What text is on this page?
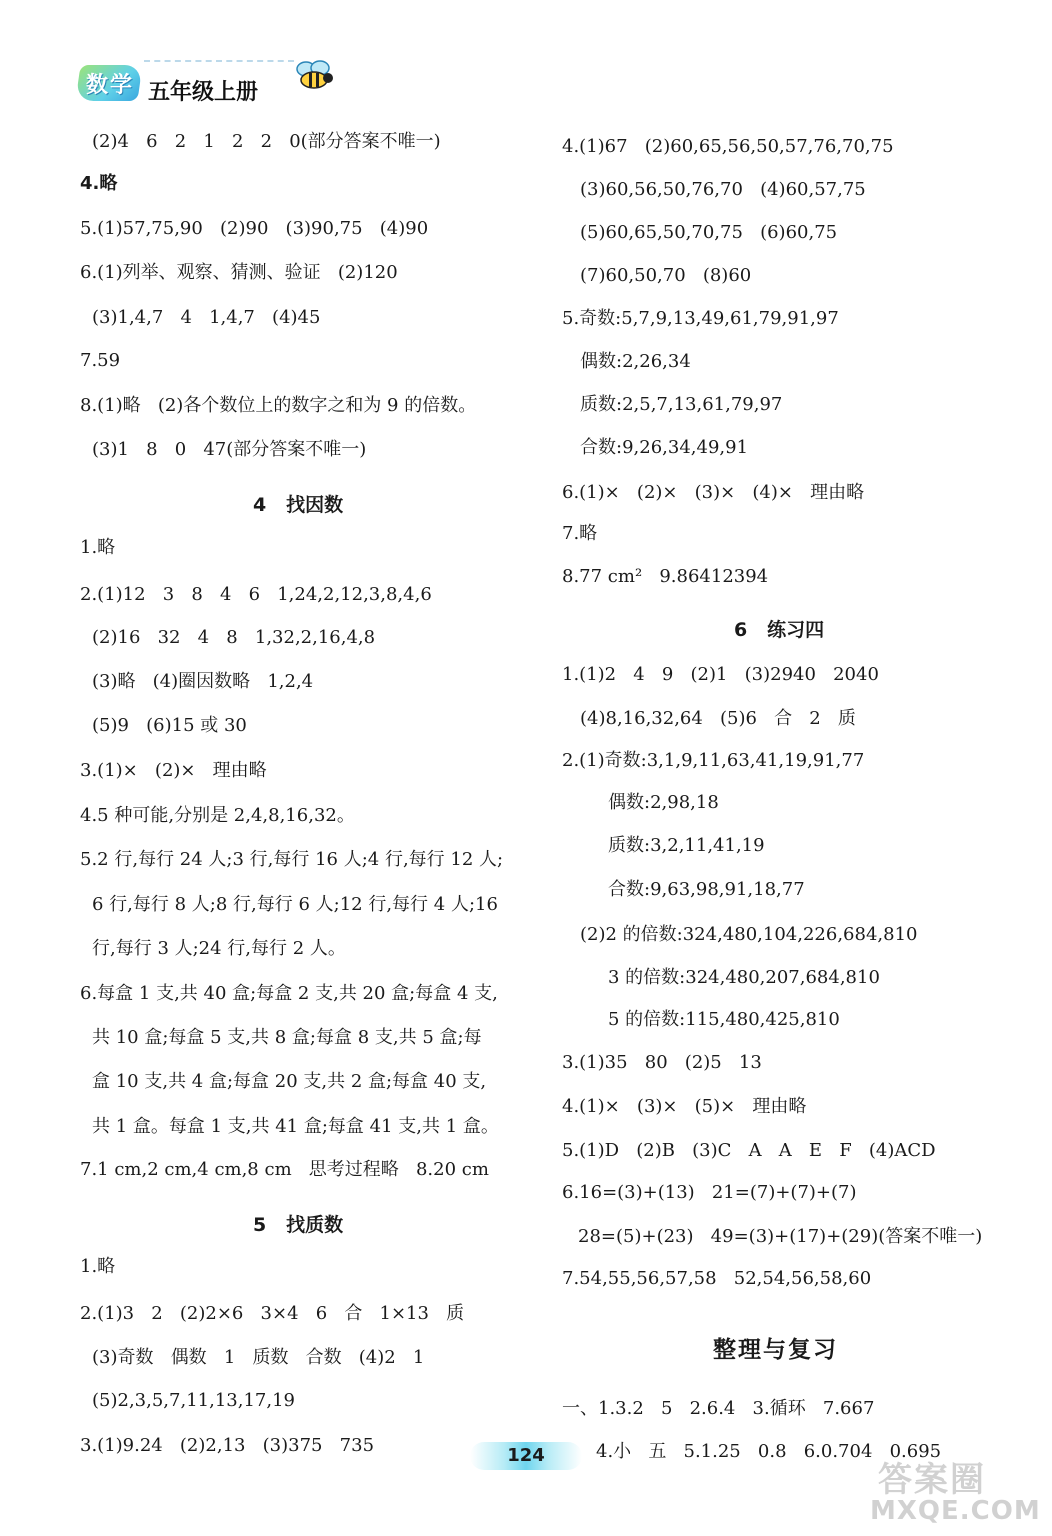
数学 五年级上册
(2)4   6   2   1   2   2   0(部分答案不唯一)
4.略
5.(1)57,75,90   (2)90   (3)90,75   (4)90
6.(1)列举、观察、猜测、验证   (2)120
(3)1,4,7   4   1,4,7   (4)45
7.59
8.(1)略   (2)各个数位上的数字之和为 9 的倍数。
(3)1   8   0   47(部分答案不唯一)
4   找因数
1.略
2.(1)12   3   8   4   6   1,24,2,12,3,8,4,6
(2)16   32   4   8   1,32,2,16,4,8
(3)略   (4)圈因数略   1,2,4
(5)9   (6)15 或 30
3.(1)×   (2)×   理由略
4.5 种可能,分别是 2,4,8,16,32。
5.2 行,每行 24 人;3 行,每行 16 人;4 行,每行 12 人;
6 行,每行 8 人;8 行,每行 6 人;12 行,每行 4 人;16
行,每行 3 人;24 行,每行 2 人。
6.每盒 1 支,共 40 盒;每盒 2 支,共 20 盒;每盒 4 支,
共 10 盒;每盒 5 支,共 8 盒;每盒 8 支,共 5 盒;每
盒 10 支,共 4 盒;每盒 20 支,共 2 盒;每盒 40 支,
共 1 盒。每盒 1 支,共 41 盒;每盒 41 支,共 1 盒。
7.1 cm,2 cm,4 cm,8 cm   思考过程略   8.20 cm
5   找质数
1.略
2.(1)3   2   (2)2×6   3×4   6   合   1×13   质
(3)奇数   偶数   1   质数   合数   (4)2   1
(5)2,3,5,7,11,13,17,19
3.(1)9.24   (2)2,13   (3)375   735
4.(1)67   (2)60,65,56,50,57,76,70,75
(3)60,56,50,76,70   (4)60,57,75
(5)60,65,50,70,75   (6)60,75
(7)60,50,70   (8)60
5.奇数:5,7,9,13,49,61,79,91,97
偶数:2,26,34
质数:2,5,7,13,61,79,97
合数:9,26,34,49,91
6.(1)×   (2)×   (3)×   (4)×   理由略
7.略
8.77 cm²   9.86412394
6   练习四
1.(1)2   4   9   (2)1   (3)2940   2040
(4)8,16,32,64   (5)6   合   2   质
2.(1)奇数:3,1,9,11,63,41,19,91,77
偶数:2,98,18
质数:3,2,11,41,19
合数:9,63,98,91,18,77
(2)2 的倍数:324,480,104,226,684,810
3 的倍数:324,480,207,684,810
5 的倍数:115,480,425,810
3.(1)35   80   (2)5   13
4.(1)×   (3)×   (5)×   理由略
5.(1)D   (2)B   (3)C   A   A   E   F   (4)ACD
6.16=(3)+(13)   21=(7)+(7)+(7)
28=(5)+(23)   49=(3)+(17)+(29)(答案不唯一)
7.54,55,56,57,58   52,54,56,58,60
整理与复习
一、1.3.2   5   2.6.4   3.循环   7.667
4.小   五   5.1.25   0.8   6.0.704   0.695
124
答案圈
MXQE.COM
